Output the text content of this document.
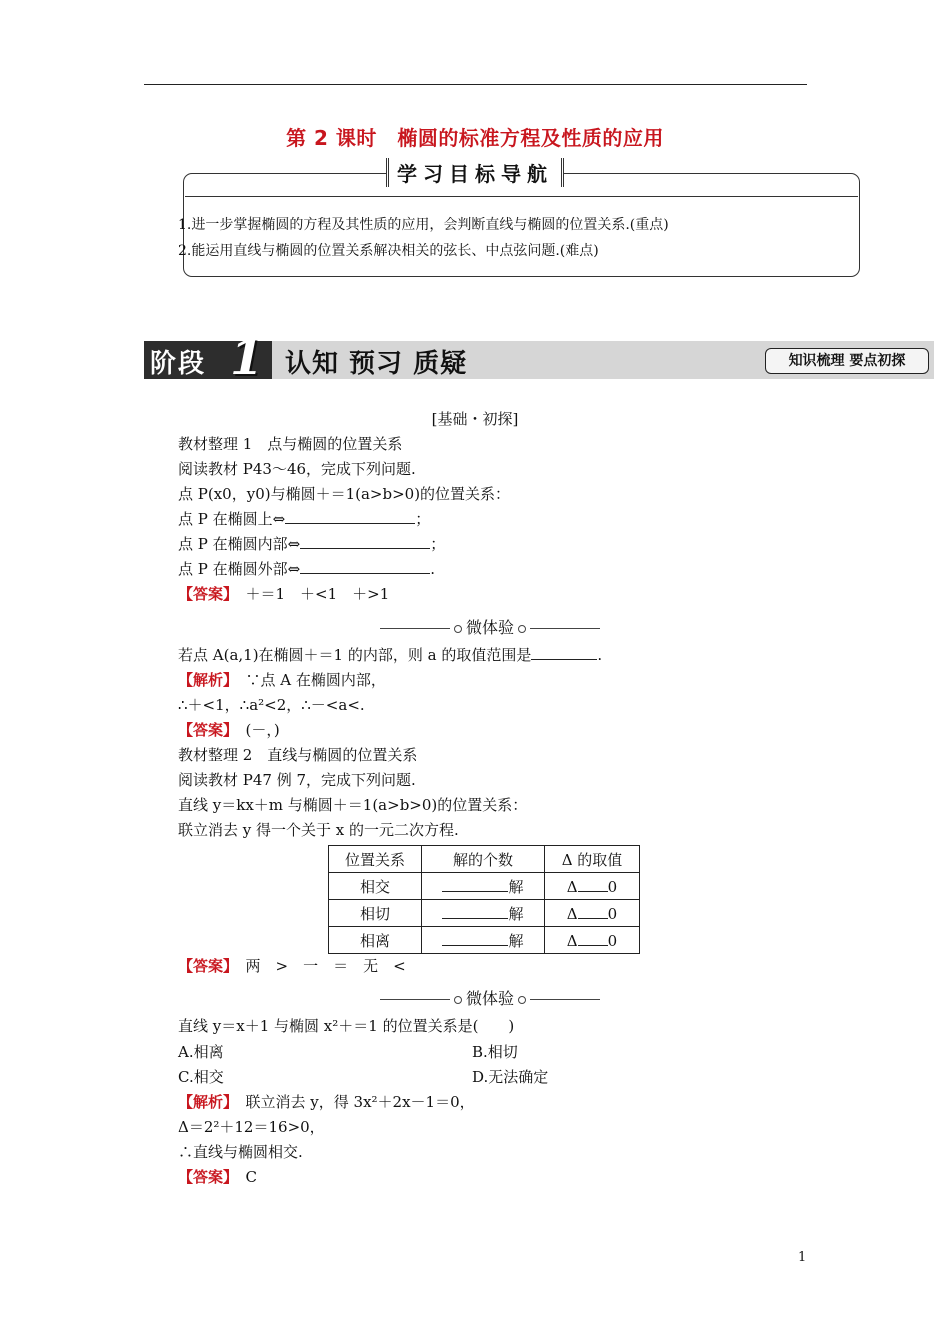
第 2 课时　椭圆的标准方程及性质的应用
学习目标导航
1.进一步掌握椭圆的方程及其性质的应用，会判断直线与椭圆的位置关系.(重点)
2.能运用直线与椭圆的位置关系解决相关的弦长、中点弦问题.(难点)
阶段 1 认知 预习 质疑	知识梳理 要点初探
[基础・初探]
教材整理 1　点与椭圆的位置关系
阅读教材 P43～46，完成下列问题.
点 P(x0，y0)与椭圆＋＝1(a>b>0)的位置关系：
点 P 在椭圆上⇔	；
点 P 在椭圆内部⇔	；
点 P 在椭圆外部⇔	.
【答案】　＋＝1　＋<1　＋>1
微体验
若点 A(a,1)在椭圆＋＝1 的内部，则 a 的取值范围是	.
【解析】　∵点 A 在椭圆内部，
∴＋<1，∴a²<2，∴－<a<.
【答案】　(－，)
教材整理 2　直线与椭圆的位置关系
阅读教材 P47 例 7，完成下列问题.
直线 y＝kx＋m 与椭圆＋＝1(a>b>0)的位置关系：
联立消去 y 得一个关于 x 的一元二次方程.
位置关系	解的个数	Δ 的取值
相交	解	Δ 0
相切	解	Δ 0
相离	解	Δ 0
【答案】　两　>　一　＝　无　<
微体验
直线 y＝x＋1 与椭圆 x²＋＝1 的位置关系是(　　)
A.相离	B.相切
C.相交	D.无法确定
【解析】　联立消去 y，得 3x²＋2x－1＝0，
Δ＝2²＋12＝16>0，
∴直线与椭圆相交.
【答案】　C
1
